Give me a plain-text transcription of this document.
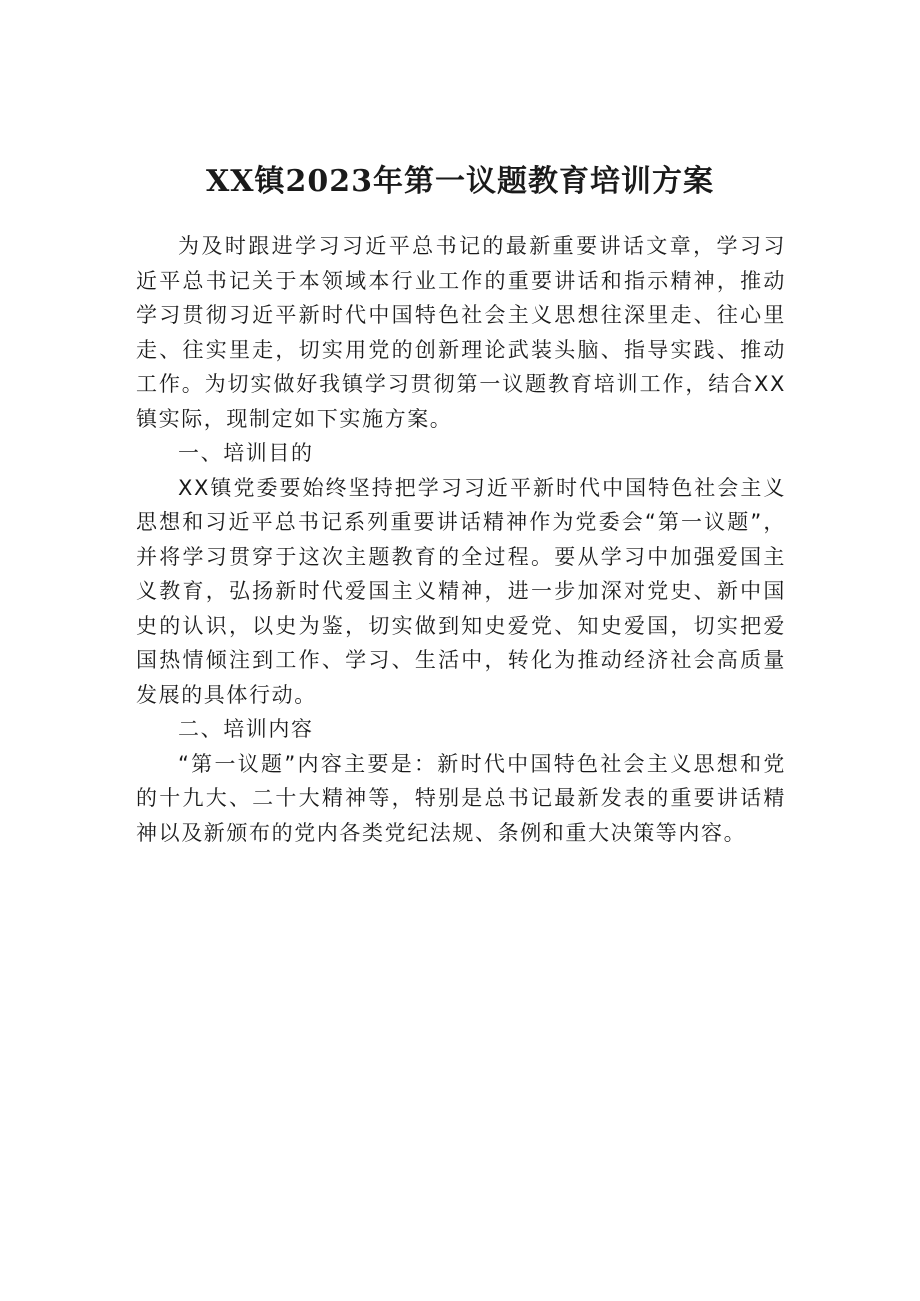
XX镇2023年第一议题教育培训方案

为及时跟进学习习近平总书记的最新重要讲话文章，学习习近平总书记关于本领域本行业工作的重要讲话和指示精神，推动学习贯彻习近平新时代中国特色社会主义思想往深里走、往心里走、往实里走，切实用党的创新理论武装头脑、指导实践、推动工作。为切实做好我镇学习贯彻第一议题教育培训工作，结合XX镇实际，现制定如下实施方案。

一、培训目的

XX镇党委要始终坚持把学习习近平新时代中国特色社会主义思想和习近平总书记系列重要讲话精神作为党委会“第一议题”，并将学习贯穿于这次主题教育的全过程。要从学习中加强爱国主义教育，弘扬新时代爱国主义精神，进一步加深对党史、新中国史的认识，以史为鉴，切实做到知史爱党、知史爱国，切实把爱国热情倾注到工作、学习、生活中，转化为推动经济社会高质量发展的具体行动。

二、培训内容

“第一议题”内容主要是：新时代中国特色社会主义思想和党的十九大、二十大精神等，特别是总书记最新发表的重要讲话精神以及新颁布的党内各类党纪法规、条例和重大决策等内容。
